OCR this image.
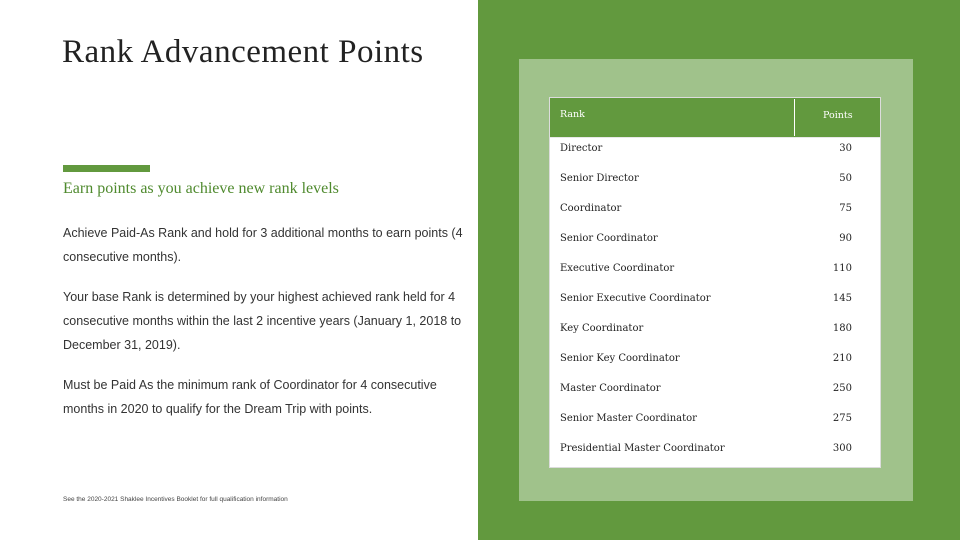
Rank Advancement Points
Earn points as you achieve new rank levels

Achieve Paid-As Rank and hold for 3 additional months to earn points (4 consecutive months).

Your base Rank is determined by your highest achieved rank held for 4 consecutive months within the last 2 incentive years (January 1, 2018 to December 31, 2019).

Must be Paid As the minimum rank of Coordinator for 4 consecutive months in 2020 to qualify for the Dream Trip with points.

See the 2020-2021 Shaklee Incentives Booklet for full qualification information

Rank	Points
Director	30
Senior Director	50
Coordinator	75
Senior Coordinator	90
Executive Coordinator	110
Senior Executive Coordinator	145
Key Coordinator	180
Senior Key Coordinator	210
Master Coordinator	250
Senior Master Coordinator	275
Presidential Master Coordinator	300
